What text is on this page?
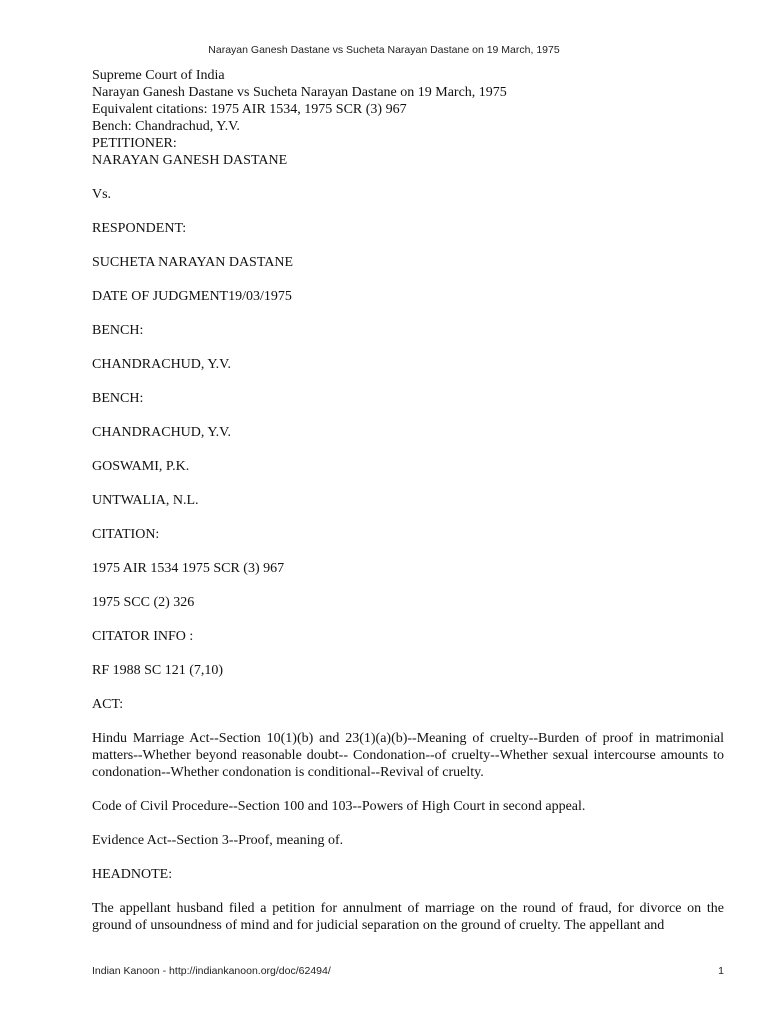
Narayan Ganesh Dastane vs Sucheta Narayan Dastane on 19 March, 1975
Supreme Court of India
Narayan Ganesh Dastane vs Sucheta Narayan Dastane on 19 March, 1975
Equivalent citations: 1975 AIR 1534, 1975 SCR (3) 967
Bench: Chandrachud, Y.V.
PETITIONER:

NARAYAN GANESH DASTANE

Vs.

RESPONDENT:

SUCHETA NARAYAN DASTANE

DATE OF JUDGMENT19/03/1975

BENCH:

CHANDRACHUD, Y.V.

BENCH:

CHANDRACHUD, Y.V.

GOSWAMI, P.K.

UNTWALIA, N.L.

CITATION:

1975 AIR 1534 1975 SCR (3) 967

1975 SCC (2) 326

CITATOR INFO :

RF 1988 SC 121 (7,10)

ACT:

Hindu Marriage Act--Section 10(1)(b) and 23(1)(a)(b)--Meaning of cruelty--Burden of proof in matrimonial matters--Whether beyond reasonable doubt-- Condonation--of cruelty--Whether sexual intercourse amounts to condonation--Whether condonation is conditional--Revival of cruelty.

Code of Civil Procedure--Section 100 and 103--Powers of High Court in second appeal.

Evidence Act--Section 3--Proof, meaning of.

HEADNOTE:

The appellant husband filed a petition for annulment of marriage on the round of fraud, for divorce on the ground of unsoundness of mind and for judicial separation on the ground of cruelty. The appellant and

Indian Kanoon - http://indiankanoon.org/doc/62494/	1
